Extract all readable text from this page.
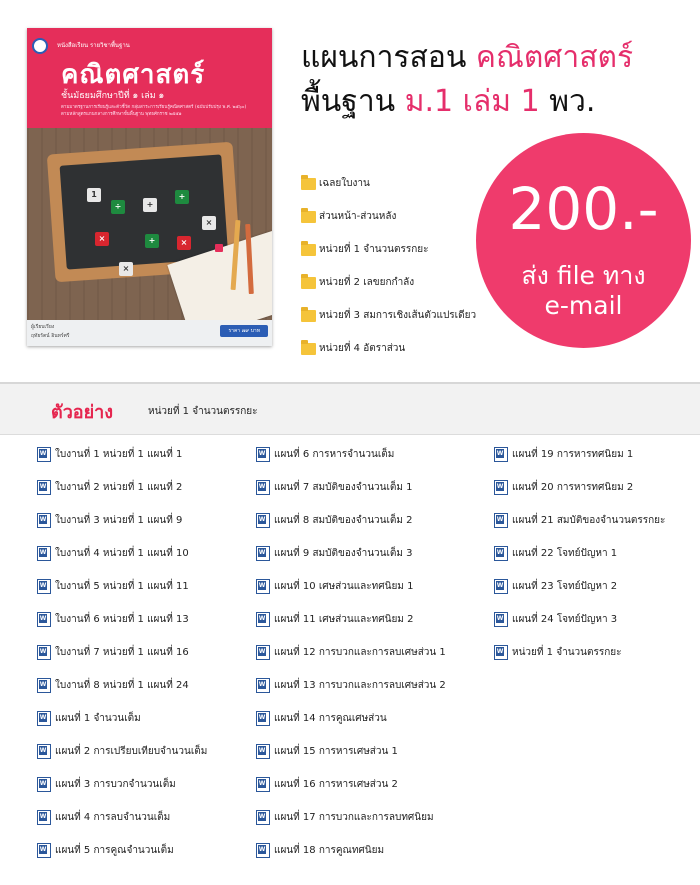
หนังสือเรียน รายวิชาพื้นฐาน
คณิตศาสตร์
ชั้นมัธยมศึกษาปีที่ ๑ เล่ม ๑
ตามมาตรฐานการเรียนรู้และตัวชี้วัด กลุ่มสาระการเรียนรู้คณิตศาสตร์ (ฉบับปรับปรุง พ.ศ. ๒๕๖๐)
ตามหลักสูตรแกนกลางการศึกษาขั้นพื้นฐาน พุทธศักราช ๒๕๕๑
1
÷	+
+
×
×	+	×
×
ผู้เรียบเรียง
ฤทัยรัตน์ อินทร์ศรี
ราคา ๗๙ บาท
แผนการสอน คณิตศาสตร์
พื้นฐาน ม.1 เล่ม 1 พว.
เฉลยใบงาน
ส่วนหน้า-ส่วนหลัง
หน่วยที่ 1 จำนวนตรรกยะ
หน่วยที่ 2 เลขยกกำลัง
หน่วยที่ 3 สมการเชิงเส้นตัวแปรเดียว
หน่วยที่ 4 อัตราส่วน
200.-
ส่ง file ทาง
e-mail
ตัวอย่าง	หน่วยที่ 1 จำนวนตรรกยะ
W
ใบงานที่ 1 หน่วยที่ 1 แผนที่ 1
W
ใบงานที่ 2 หน่วยที่ 1 แผนที่ 2
W
ใบงานที่ 3 หน่วยที่ 1 แผนที่ 9
W
ใบงานที่ 4 หน่วยที่ 1 แผนที่ 10
W
ใบงานที่ 5 หน่วยที่ 1 แผนที่ 11
W
ใบงานที่ 6 หน่วยที่ 1 แผนที่ 13
W
ใบงานที่ 7 หน่วยที่ 1 แผนที่ 16
W
ใบงานที่ 8 หน่วยที่ 1 แผนที่ 24
W
แผนที่ 1 จำนวนเต็ม
W
แผนที่ 2 การเปรียบเทียบจำนวนเต็ม
W
แผนที่ 3 การบวกจำนวนเต็ม
W
แผนที่ 4 การลบจำนวนเต็ม
W
แผนที่ 5 การคูณจำนวนเต็ม
W
แผนที่ 6 การหารจำนวนเต็ม
W
แผนที่ 7 สมบัติของจำนวนเต็ม 1
W
แผนที่ 8 สมบัติของจำนวนเต็ม 2
W
แผนที่ 9 สมบัติของจำนวนเต็ม 3
W
แผนที่ 10 เศษส่วนและทศนิยม 1
W
แผนที่ 11 เศษส่วนและทศนิยม 2
W
แผนที่ 12 การบวกและการลบเศษส่วน 1
W
แผนที่ 13 การบวกและการลบเศษส่วน 2
W
แผนที่ 14 การคูณเศษส่วน
W
แผนที่ 15 การหารเศษส่วน 1
W
แผนที่ 16 การหารเศษส่วน 2
W
แผนที่ 17 การบวกและการลบทศนิยม
W
แผนที่ 18 การคูณทศนิยม
W
แผนที่ 19 การหารทศนิยม 1
W
แผนที่ 20 การหารทศนิยม 2
W
แผนที่ 21 สมบัติของจำนวนตรรกยะ
W
แผนที่ 22 โจทย์ปัญหา 1
W
แผนที่ 23 โจทย์ปัญหา 2
W
แผนที่ 24 โจทย์ปัญหา 3
W
หน่วยที่ 1 จำนวนตรรกยะ
